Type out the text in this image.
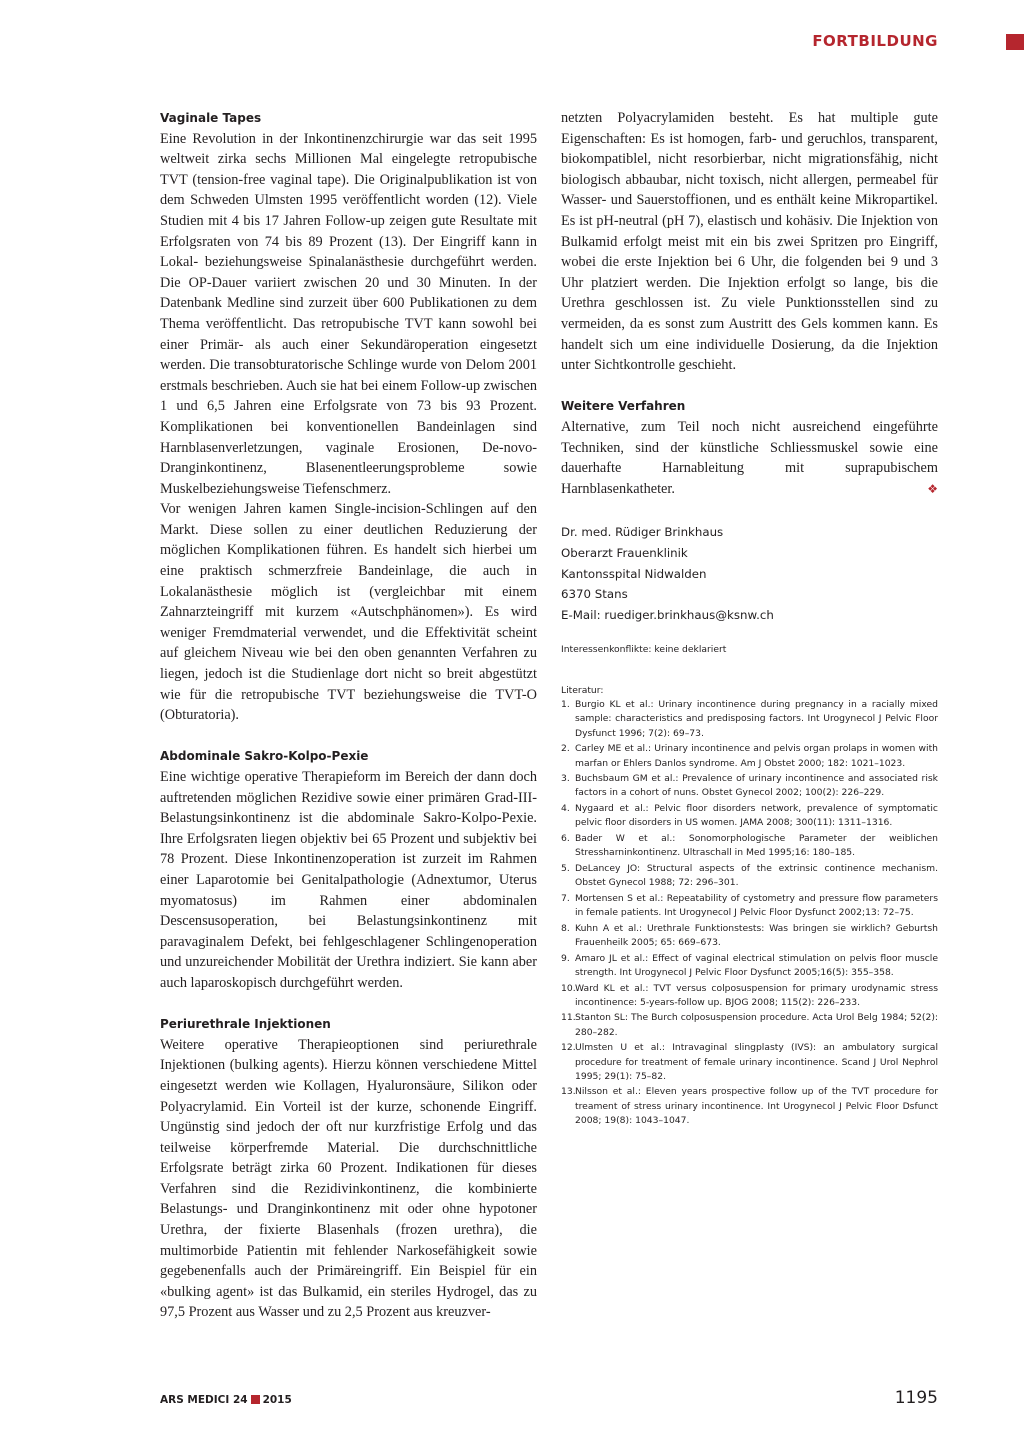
FORTBILDUNG
Vaginale Tapes

Eine Revolution in der Inkontinenzchirurgie war das seit 1995 weltweit zirka sechs Millionen Mal eingelegte retropubische TVT (tension-free vaginal tape). Die Originalpublikation ist von dem Schweden Ulmsten 1995 veröffentlicht worden (12). Viele Studien mit 4 bis 17 Jahren Follow-up zeigen gute Resultate mit Erfolgsraten von 74 bis 89 Prozent (13). Der Eingriff kann in Lokal- beziehungsweise Spinalanästhesie durchgeführt werden. Die OP-Dauer variiert zwischen 20 und 30 Minuten. In der Datenbank Medline sind zurzeit über 600 Publikationen zu dem Thema veröffentlicht. Das retropubische TVT kann sowohl bei einer Primär- als auch einer Sekundäroperation eingesetzt werden. Die transobturatorische Schlinge wurde von Delom 2001 erstmals beschrieben. Auch sie hat bei einem Follow-up zwischen 1 und 6,5 Jahren eine Erfolgsrate von 73 bis 93 Prozent. Komplikationen bei konventionellen Bandeinlagen sind Harnblasenverletzungen, vaginale Erosionen, De-novo-Dranginkontinenz, Blasenentleerungsprobleme sowie Muskelbeziehungsweise Tiefenschmerz.

Vor wenigen Jahren kamen Single-incision-Schlingen auf den Markt. Diese sollen zu einer deutlichen Reduzierung der möglichen Komplikationen führen. Es handelt sich hierbei um eine praktisch schmerzfreie Bandeinlage, die auch in Lokalanästhesie möglich ist (vergleichbar mit einem Zahnarzteingriff mit kurzem «Autschphänomen»). Es wird weniger Fremdmaterial verwendet, und die Effektivität scheint auf gleichem Niveau wie bei den oben genannten Verfahren zu liegen, jedoch ist die Studienlage dort nicht so breit abgestützt wie für die retropubische TVT beziehungsweise die TVT-O (Obturatoria).

Abdominale Sakro-Kolpo-Pexie

Eine wichtige operative Therapieform im Bereich der dann doch auftretenden möglichen Rezidive sowie einer primären Grad-III-Belastungsinkontinenz ist die abdominale Sakro-Kolpo-Pexie. Ihre Erfolgsraten liegen objektiv bei 65 Prozent und subjektiv bei 78 Prozent. Diese Inkontinenzoperation ist zurzeit im Rahmen einer Laparotomie bei Genitalpathologie (Adnextumor, Uterus myomatosus) im Rahmen einer abdominalen Descensusoperation, bei Belastungsinkontinenz mit paravaginalem Defekt, bei fehlgeschlagener Schlingenoperation und unzureichender Mobilität der Urethra indiziert. Sie kann aber auch laparoskopisch durchgeführt werden.

Periurethrale Injektionen

Weitere operative Therapieoptionen sind periurethrale Injektionen (bulking agents). Hierzu können verschiedene Mittel eingesetzt werden wie Kollagen, Hyaluronsäure, Silikon oder Polyacrylamid. Ein Vorteil ist der kurze, schonende Eingriff. Ungünstig sind jedoch der oft nur kurzfristige Erfolg und das teilweise körperfremde Material. Die durchschnittliche Erfolgsrate beträgt zirka 60 Prozent. Indikationen für dieses Verfahren sind die Rezidivinkontinenz, die kombinierte Belastungs- und Dranginkontinenz mit oder ohne hypotoner Urethra, der fixierte Blasenhals (frozen urethra), die multimorbide Patientin mit fehlender Narkosefähigkeit sowie gegebenenfalls auch der Primäreingriff. Ein Beispiel für ein «bulking agent» ist das Bulkamid, ein steriles Hydrogel, das zu 97,5 Prozent aus Wasser und zu 2,5 Prozent aus kreuzver-

netzten Polyacrylamiden besteht. Es hat multiple gute Eigenschaften: Es ist homogen, farb- und geruchlos, transparent, biokompatiblel, nicht resorbierbar, nicht migrationsfähig, nicht biologisch abbaubar, nicht toxisch, nicht allergen, permeabel für Wasser- und Sauerstoffionen, und es enthält keine Mikropartikel. Es ist pH-neutral (pH 7), elastisch und kohäsiv. Die Injektion von Bulkamid erfolgt meist mit ein bis zwei Spritzen pro Eingriff, wobei die erste Injektion bei 6 Uhr, die folgenden bei 9 und 3 Uhr platziert werden. Die Injektion erfolgt so lange, bis die Urethra geschlossen ist. Zu viele Punktionsstellen sind zu vermeiden, da es sonst zum Austritt des Gels kommen kann. Es handelt sich um eine individuelle Dosierung, da die Injektion unter Sichtkontrolle geschieht.

Weitere Verfahren

Alternative, zum Teil noch nicht ausreichend eingeführte Techniken, sind der künstliche Schliessmuskel sowie eine dauerhafte Harnableitung mit suprapubischem Harnblasenkatheter.	❖

Dr. med. Rüdiger Brinkhaus
Oberarzt Frauenklinik
Kantonsspital Nidwalden
6370 Stans
E-Mail: ruediger.brinkhaus@ksnw.ch
Interessenkonflikte: keine deklariert
Literatur:
1. Burgio KL et al.: Urinary incontinence during pregnancy in a racially mixed sample: characteristics and predisposing factors. Int Urogynecol J Pelvic Floor Dysfunct 1996; 7(2): 69–73.
2. Carley ME et al.: Urinary incontinence and pelvis organ prolaps in women with marfan or Ehlers Danlos syndrome. Am J Obstet 2000; 182: 1021–1023.
3. Buchsbaum GM et al.: Prevalence of urinary incontinence and associated risk factors in a cohort of nuns. Obstet Gynecol 2002; 100(2): 226–229.
4. Nygaard et al.: Pelvic floor disorders network, prevalence of symptomatic pelvic floor disorders in US women. JAMA 2008; 300(11): 1311–1316.
6. Bader W et al.: Sonomorphologische Parameter der weiblichen Stressharninkontinenz. Ultraschall in Med 1995;16: 180–185.
5. DeLancey JO: Structural aspects of the extrinsic continence mechanism. Obstet Gynecol 1988; 72: 296–301.
7. Mortensen S et al.: Repeatability of cystometry and pressure flow parameters in female patients. Int Urogynecol J Pelvic Floor Dysfunct 2002;13: 72–75.
8. Kuhn A et al.: Urethrale Funktionstests: Was bringen sie wirklich? Geburtsh Frauenheilk 2005; 65: 669–673.
9. Amaro JL et al.: Effect of vaginal electrical stimulation on pelvis floor muscle strength. Int Urogynecol J Pelvic Floor Dysfunct 2005;16(5): 355–358.
10. Ward KL et al.: TVT versus colposuspension for primary urodynamic stress incontinence: 5-years-follow up. BJOG 2008; 115(2): 226–233.
11. Stanton SL: The Burch colposuspension procedure. Acta Urol Belg 1984; 52(2): 280–282.
12. Ulmsten U et al.: Intravaginal slingplasty (IVS): an ambulatory surgical procedure for treatment of female urinary incontinence. Scand J Urol Nephrol 1995; 29(1): 75–82.
13. Nilsson et al.: Eleven years prospective follow up of the TVT procedure for treament of stress urinary incontinence. Int Urogynecol J Pelvic Floor Dsfunct 2008; 19(8): 1043–1047.
ARS MEDICI 24 2015	1195
